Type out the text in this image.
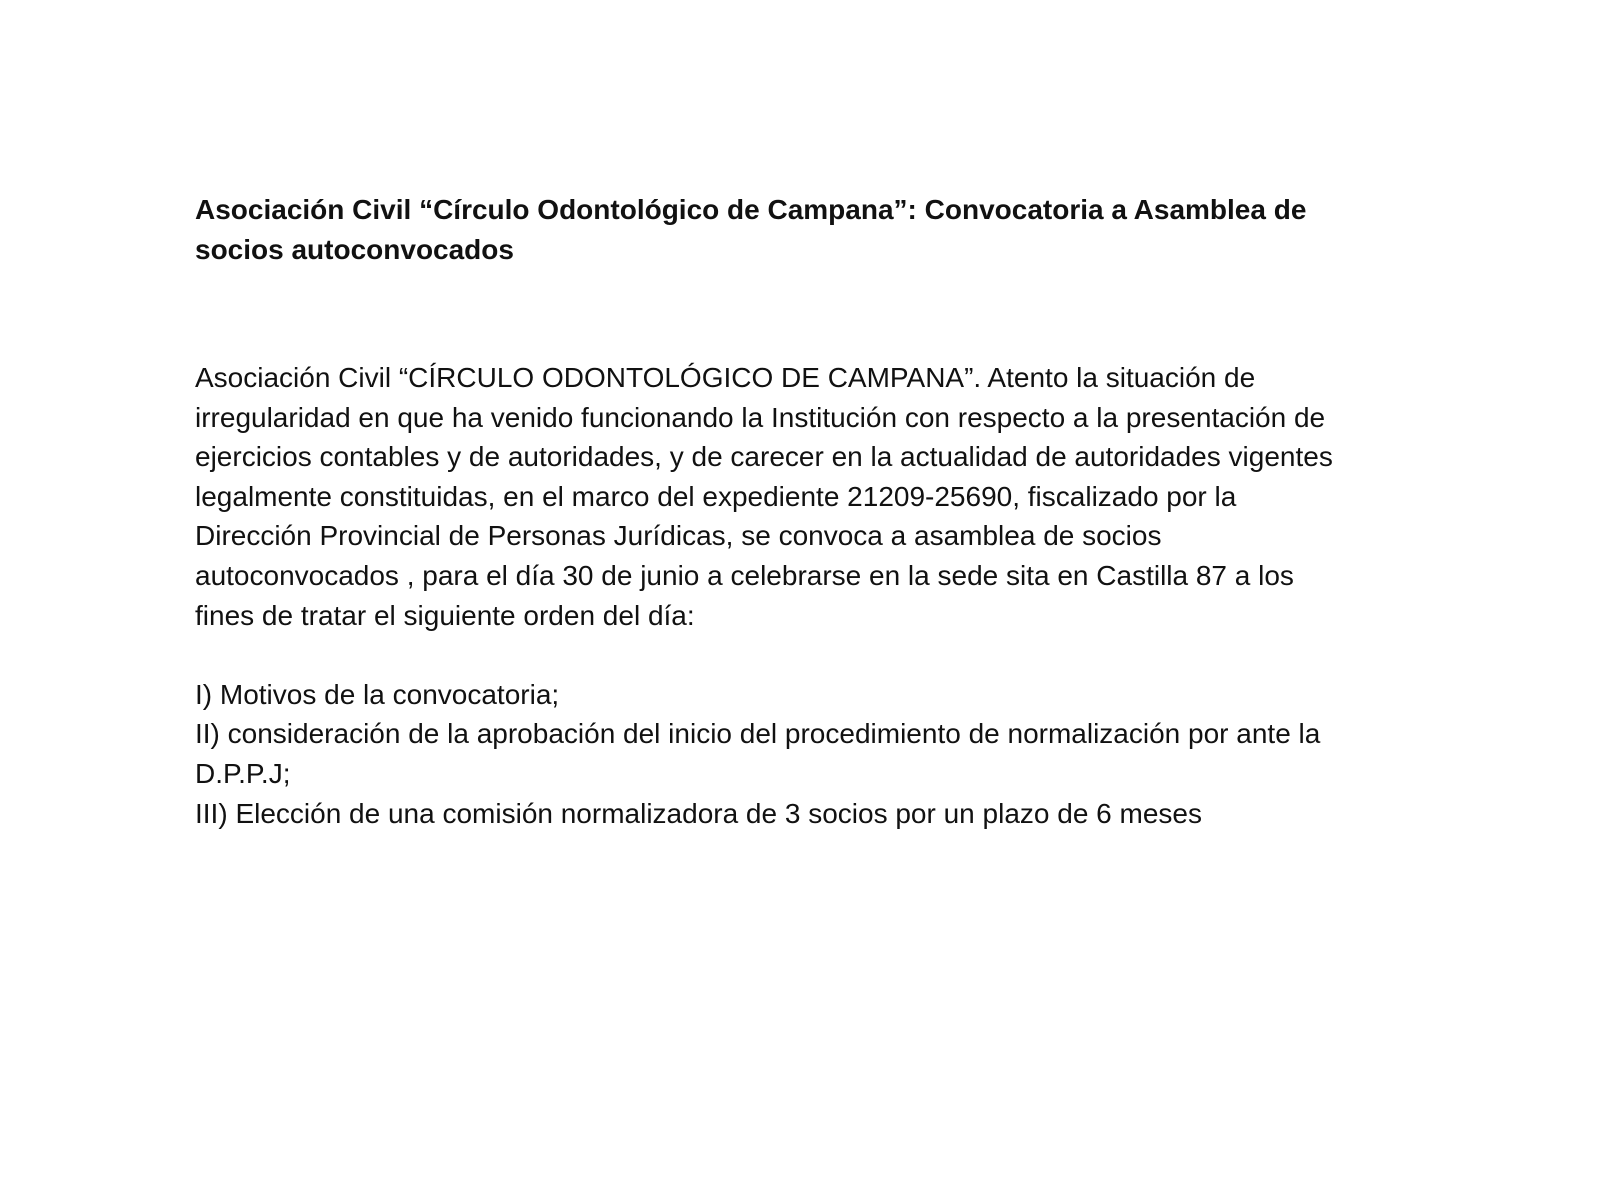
Asociación Civil “Círculo Odontológico de Campana”: Convocatoria a Asamblea de
socios autoconvocados
Asociación Civil “CÍRCULO ODONTOLÓGICO DE CAMPANA”. Atento la situación de
irregularidad en que ha venido funcionando la Institución con respecto a la presentación de
ejercicios contables y de autoridades, y de carecer en la actualidad de autoridades vigentes
legalmente constituidas, en el marco del expediente 21209-25690, fiscalizado por la
Dirección Provincial de Personas Jurídicas, se convoca a asamblea de socios
autoconvocados , para el día 30 de junio a celebrarse en la sede sita en Castilla 87 a los
fines de tratar el siguiente orden del día:
I) Motivos de la convocatoria;
II) consideración de la aprobación del inicio del procedimiento de normalización por ante la
D.P.P.J;
III) Elección de una comisión normalizadora de 3 socios por un plazo de 6 meses
